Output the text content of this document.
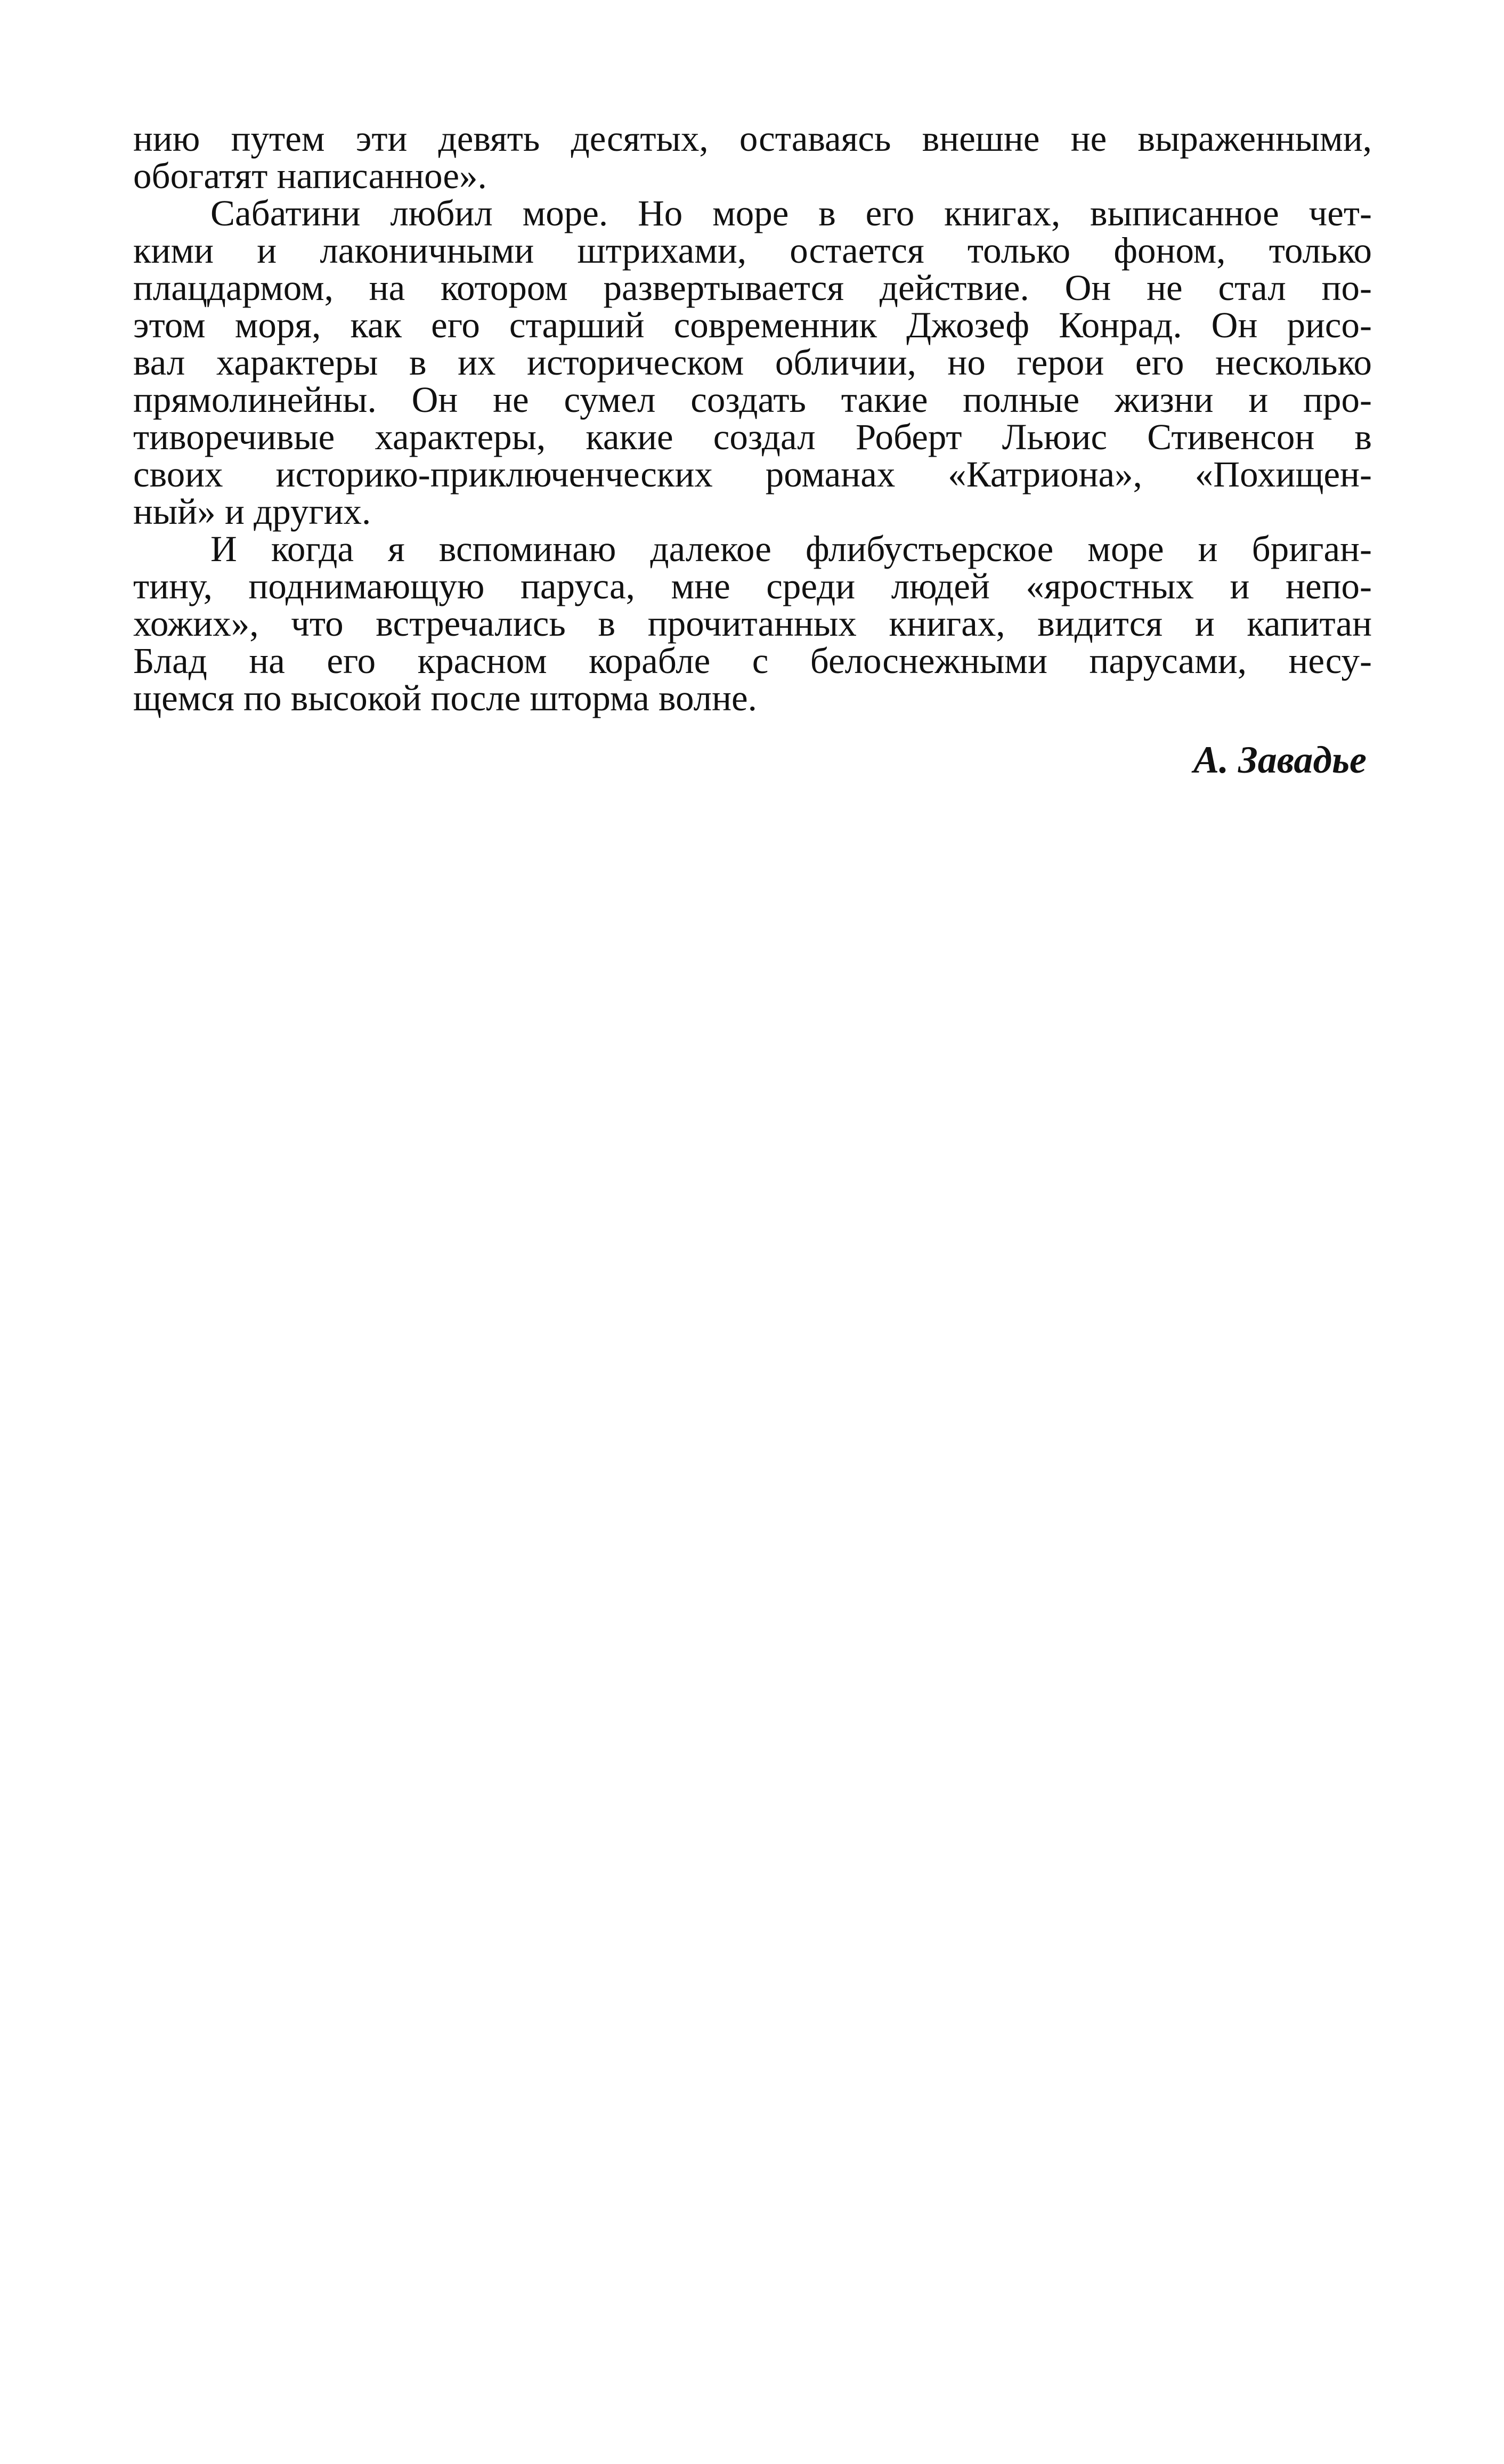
нию путем эти девять десятых, оставаясь внешне не выраженными,
обогатят написанное».
Сабатини любил море. Но море в его книгах, выписанное чет-
кими и лаконичными штрихами, остается только фоном, только
плацдармом, на котором развертывается действие. Он не стал по-
этом моря, как его старший современник Джозеф Конрад. Он рисо-
вал характеры в их историческом обличии, но герои его несколько
прямолинейны. Он не сумел создать такие полные жизни и про-
тиворечивые характеры, какие создал Роберт Льюис Стивенсон в
своих историко-приключенческих романах «Катриона», «Похищен-
ный» и других.
И когда я вспоминаю далекое флибустьерское море и бриган-
тину, поднимающую паруса, мне среди людей «яростных и непо-
хожих», что встречались в прочитанных книгах, видится и капитан
Блад на его красном корабле с белоснежными парусами, несу-
щемся по высокой после шторма волне.
А. Завадье
